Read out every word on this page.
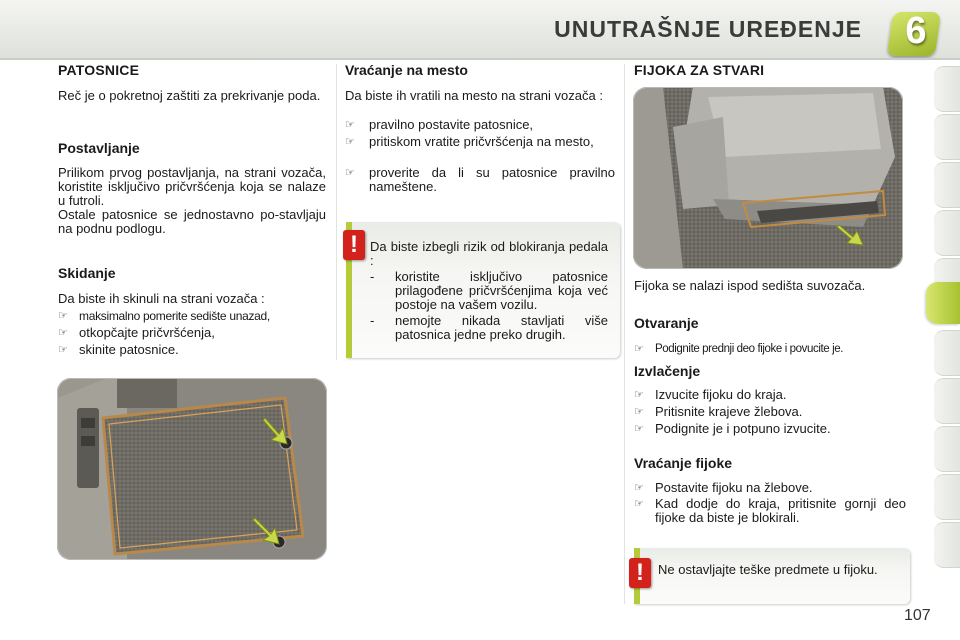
UNUTRAŠNJE UREĐENJE 6
PATOSNICE
Reč je o pokretnoj zaštiti za prekrivanje poda.
Postavljanje
Prilikom prvog postavljanja, na strani vozača, koristite isključivo pričvršćenja koja se nalaze u futroli.
Ostale patosnice se jednostavno po-stavljaju na podnu podlogu.
Skidanje
Da biste ih skinuli na strani vozača :
☞ maksimalno pomerite sedište unazad,
☞ otkopčajte pričvršćenja,
☞ skinite patosnice.
Vraćanje na mesto
Da biste ih vratili na mesto na strani vozača :
☞ pravilno postavite patosnice,
☞ pritiskom vratite pričvršćenja na mesto,
☞ proverite da li su patosnice pravilno nameštene.
! Da biste izbegli rizik od blokiranja pedala :
- koristite isključivo patosnice prilagođene pričvršćenjima koja već postoje na vašem vozilu.
- nemojte nikada stavljati više patosnica jedne preko drugih.
FIJOKA ZA STVARI
Fijoka se nalazi ispod sedišta suvozača.
Otvaranje
☞ Podignite prednji deo fijoke i povucite je.
Izvlačenje
☞ Izvucite fijoku do kraja.
☞ Pritisnite krajeve žlebova.
☞ Podignite je i potpuno izvucite.
Vraćanje fijoke
☞ Postavite fijoku na žlebove.
☞ Kad dodje do kraja, pritisnite gornji deo fijoke da biste je blokirali.
!	Ne ostavljajte teške predmete u fijoku.
107
